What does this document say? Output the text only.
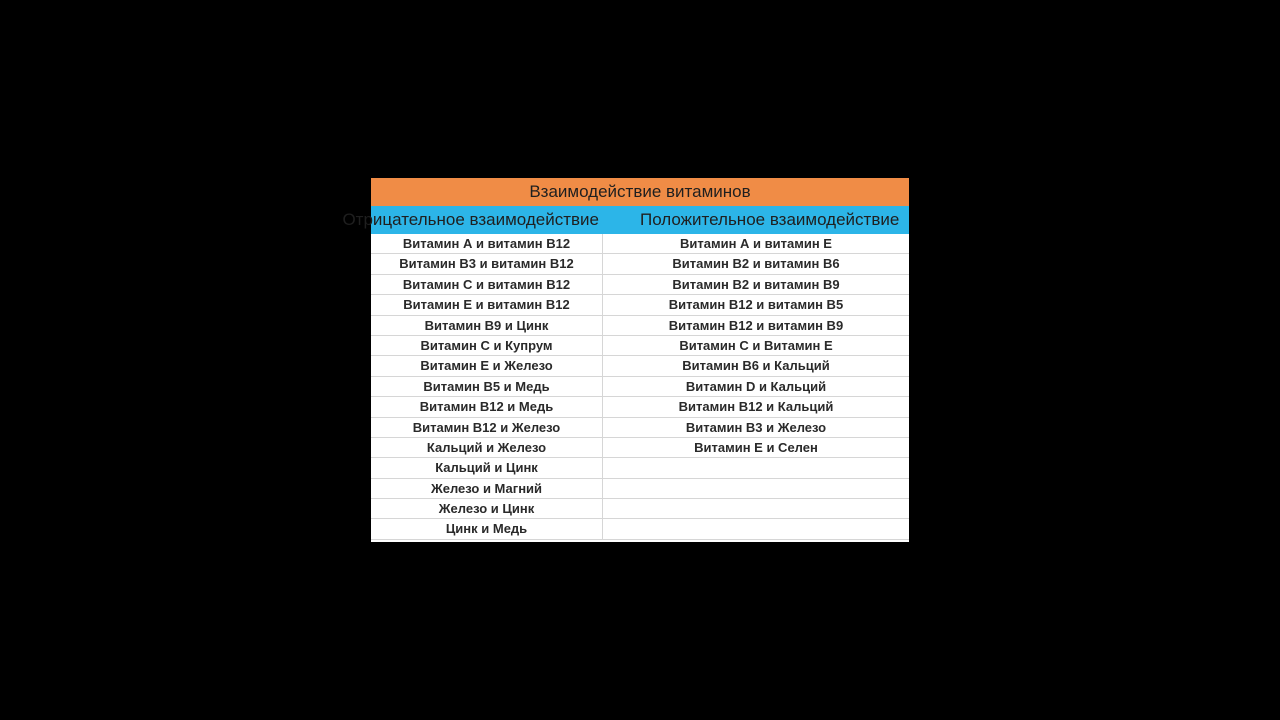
Взаимодействие витаминов
Отрицательное взаимодействие	Положительное взаимодействие
Витамин А и витамин В12
Витамин В3 и витамин В12
Витамин С и витамин В12
Витамин Е и витамин В12
Витамин В9 и Цинк
Витамин С и Купрум
Витамин Е и Железо
Витамин В5 и Медь
Витамин В12 и Медь
Витамин В12 и Железо
Кальций и Железо
Кальций и Цинк
Железо и Магний
Железо и Цинк
Цинк и Медь
Витамин А и витамин Е
Витамин В2 и витамин В6
Витамин В2 и витамин В9
Витамин В12 и витамин В5
Витамин В12 и витамин В9
Витамин С и Витамин Е
Витамин В6 и Кальций
Витамин D и Кальций
Витамин В12 и Кальций
Витамин В3 и Железо
Витамин Е и Селен
